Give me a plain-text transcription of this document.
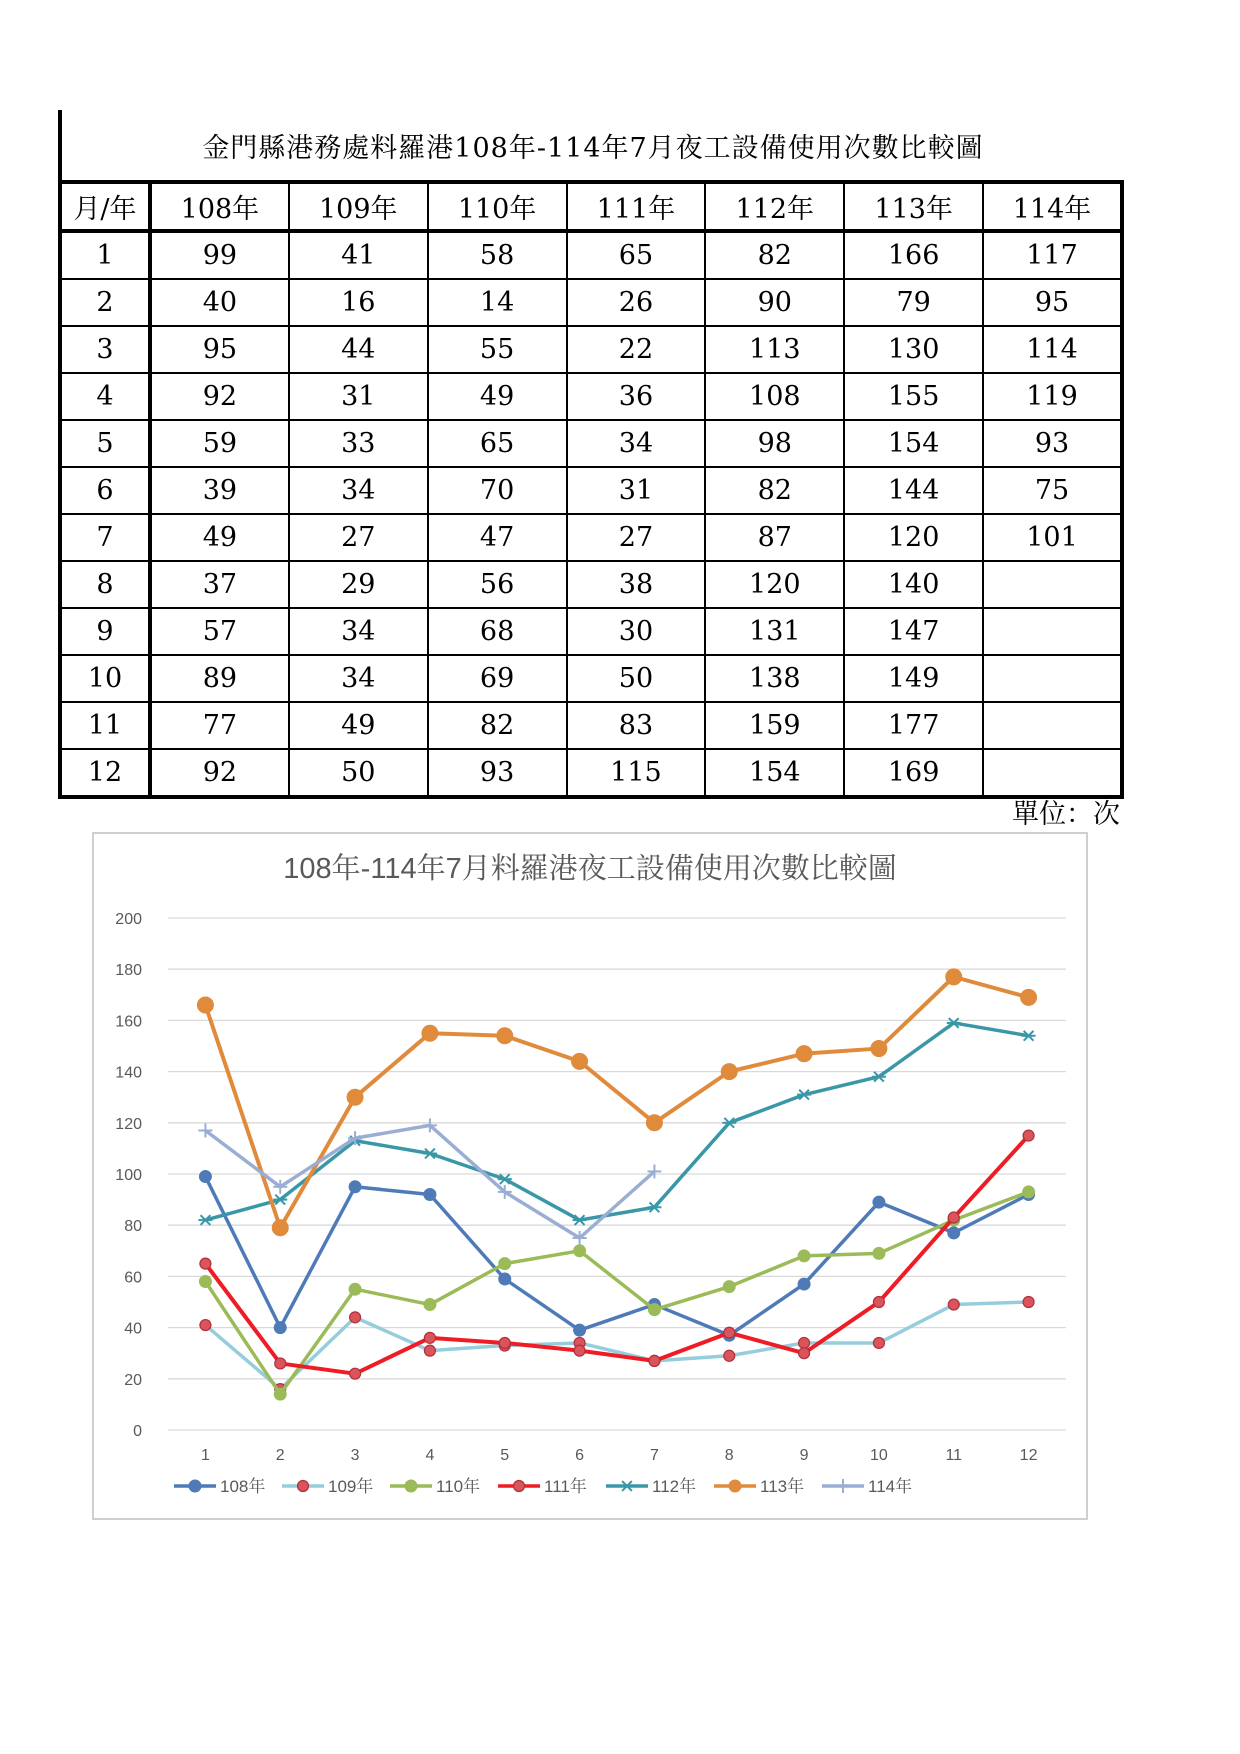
金門縣港務處料羅港108年-114年7月夜工設備使用次數比較圖
月/年	108年	109年	110年	111年	112年	113年	114年
1	99	41	58	65	82	166	117
2	40	16	14	26	90	79	95
3	95	44	55	22	113	130	114
4	92	31	49	36	108	155	119
5	59	33	65	34	98	154	93
6	39	34	70	31	82	144	75
7	49	27	47	27	87	120	101
8	37	29	56	38	120	140	
9	57	34	68	30	131	147	
10	89	34	69	50	138	149	
11	77	49	82	83	159	177	
12	92	50	93	115	154	169	
單位：次
108年-114年7月料羅港夜工設備使用次數比較圖
0
20
40
60
80
100
120
140
160
180
200
1	2	3	4	5	6	7	8	9	10	11	12
108年	109年	110年	111年	112年	113年	114年
